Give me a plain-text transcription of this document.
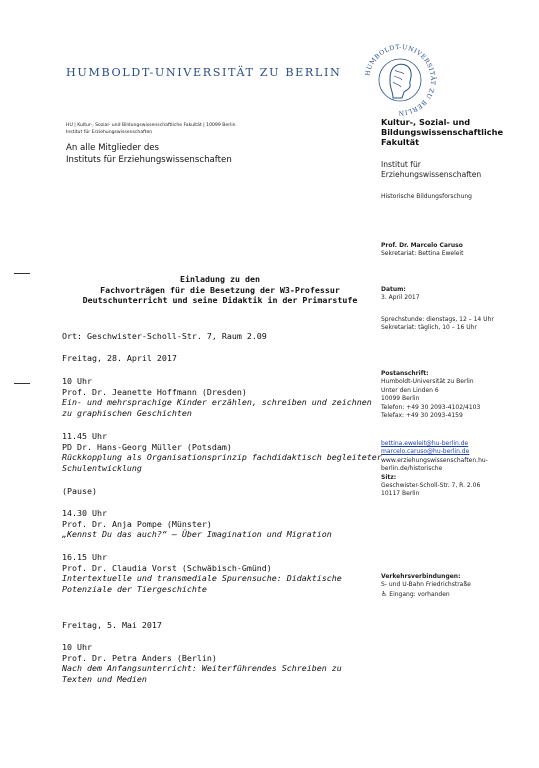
HUMBOLDT-UNIVERSITÄT ZU BERLIN	HUMBOLDT-UNIVERSITÄT ZU BERLIN
HU | Kultur-, Sozial- und Bildungswissenschaftliche Fakultät | 10099 Berlin
Institut für Erziehungswissenschaften
An alle Mitglieder des
Instituts für Erziehungswissenschaften
Kultur-, Sozial- und
Bildungswissenschaftliche
Fakultät
Institut für
Erziehungswissenschaften
Historische Bildungsforschung
Prof. Dr. Marcelo Caruso
Sekretariat: Bettina Eweleit
Datum:
3. April 2017
Sprechstunde: dienstags, 12 – 14 Uhr
Sekretariat: täglich, 10 – 16 Uhr
Postanschrift:
Humboldt-Universität zu Berlin
Unter den Linden 6
10099 Berlin
Telefon: +49 30 2093-4102/4103
Telefax: +49 30 2093-4159
bettina.eweleit@hu-berlin.de
marcelo.caruso@hu-berlin.de
www.erziehungswissenschaften.hu-
berlin.de/historische
Sitz:
Geschwister-Scholl-Str. 7, R. 2.06
10117 Berlin
Verkehrsverbindungen:
S- und U-Bahn Friedrichstraße
♿ Eingang: vorhanden
Einladung zu den
Fachvorträgen für die Besetzung der W3-Professur
Deutschunterricht und seine Didaktik in der Primarstufe
Ort: Geschwister-Scholl-Str. 7, Raum 2.09
Freitag, 28. April 2017
10 Uhr
Prof. Dr. Jeanette Hoffmann (Dresden)
Ein- und mehrsprachige Kinder erzählen, schreiben und zeichnen
zu graphischen Geschichten
11.45 Uhr
PD Dr. Hans-Georg Müller (Potsdam)
Rückkopplung als Organisationsprinzip fachdidaktisch begleiteter
Schulentwicklung
(Pause)
14.30 Uhr
Prof. Dr. Anja Pompe (Münster)
„Kennst Du das auch?“ – Über Imagination und Migration
16.15 Uhr
Prof. Dr. Claudia Vorst (Schwäbisch-Gmünd)
Intertextuelle und transmediale Spurensuche: Didaktische
Potenziale der Tiergeschichte
Freitag, 5. Mai 2017
10 Uhr
Prof. Dr. Petra Anders (Berlin)
Nach dem Anfangsunterricht: Weiterführendes Schreiben zu
Texten und Medien
